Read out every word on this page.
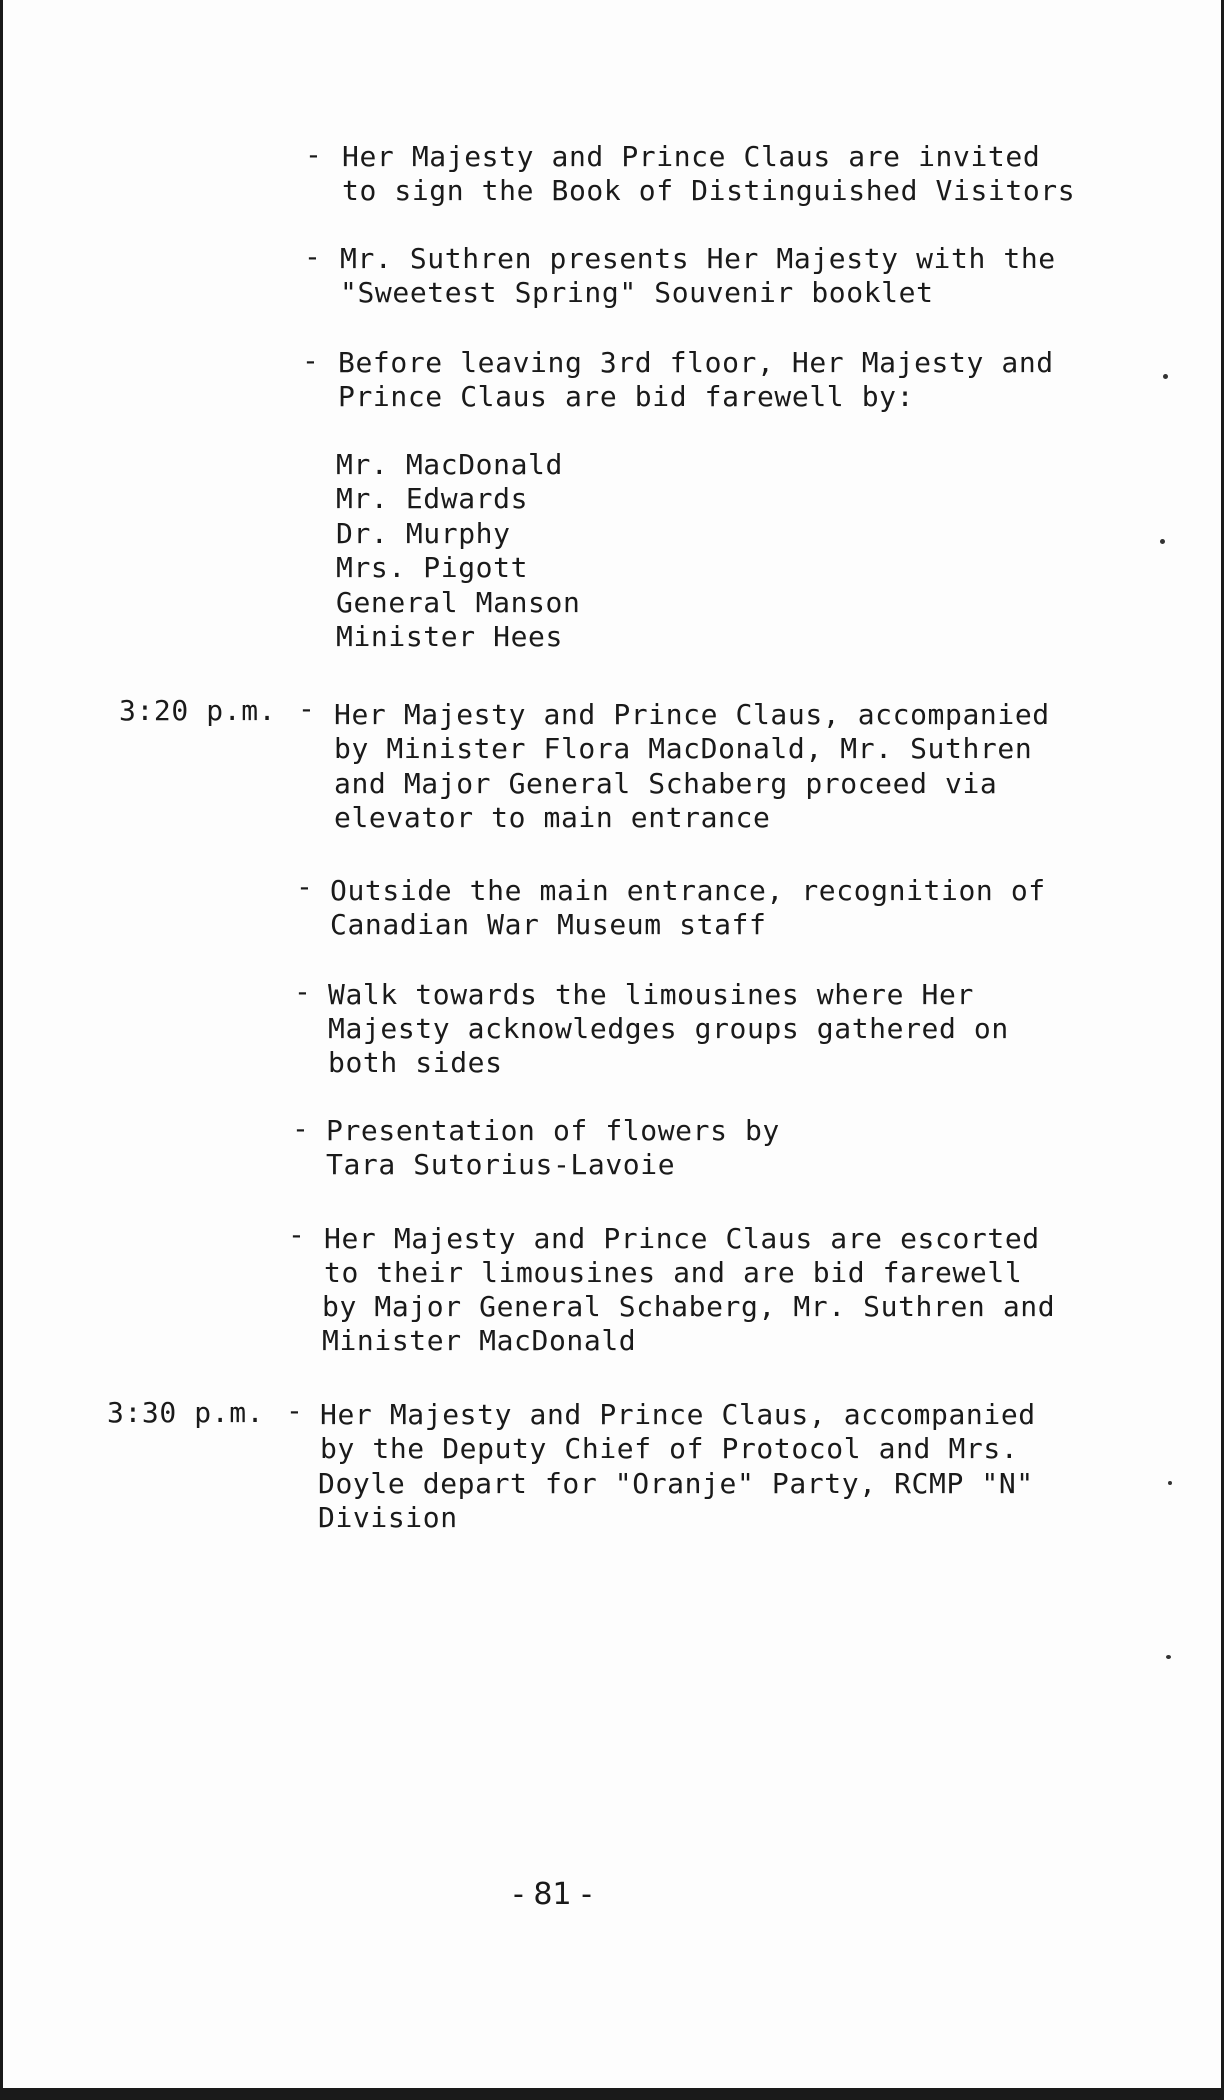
- Her Majesty and Prince Claus are invited
to sign the Book of Distinguished Visitors
- Mr. Suthren presents Her Majesty with the
"Sweetest Spring" Souvenir booklet
- Before leaving 3rd floor, Her Majesty and
Prince Claus are bid farewell by:
Mr. MacDonald
Mr. Edwards
Dr. Murphy
Mrs. Pigott
General Manson
Minister Hees
3:20 p.m. - Her Majesty and Prince Claus, accompanied
by Minister Flora MacDonald, Mr. Suthren
and Major General Schaberg proceed via
elevator to main entrance
- Outside the main entrance, recognition of
Canadian War Museum staff
- Walk towards the limousines where Her
Majesty acknowledges groups gathered on
both sides
- Presentation of flowers by
Tara Sutorius-Lavoie
- Her Majesty and Prince Claus are escorted
to their limousines and are bid farewell
by Major General Schaberg, Mr. Suthren and
Minister MacDonald
3:30 p.m. - Her Majesty and Prince Claus, accompanied
by the Deputy Chief of Protocol and Mrs.
Doyle depart for "Oranje" Party, RCMP "N"
Division
- 81 -
